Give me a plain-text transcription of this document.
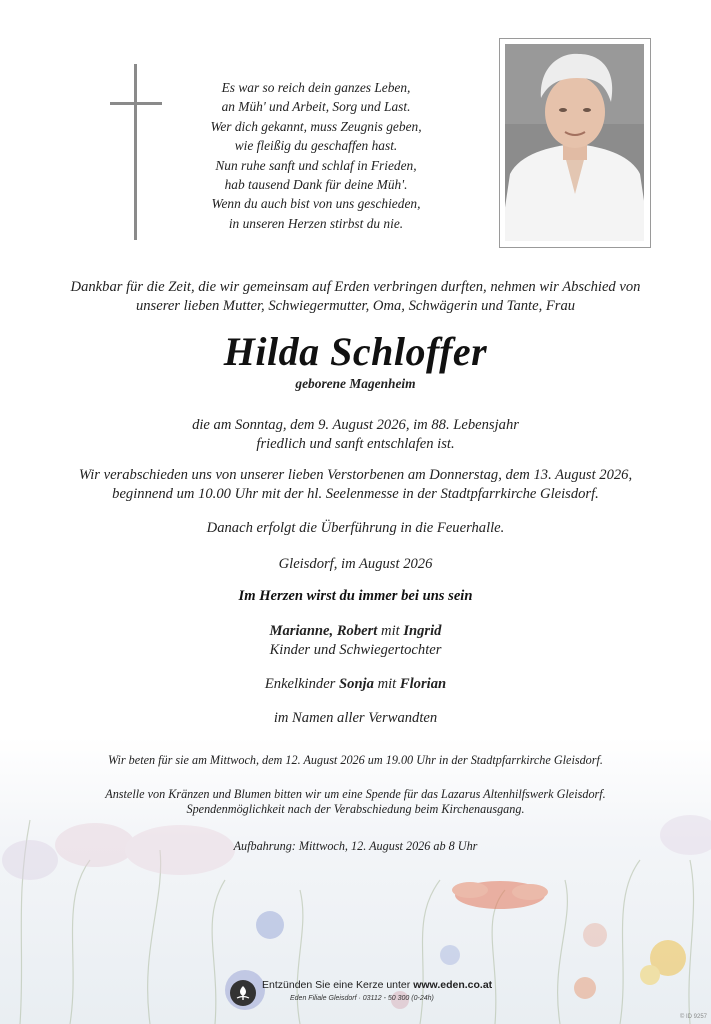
Es war so reich dein ganzes Leben,
an Müh' und Arbeit, Sorg und Last.
Wer dich gekannt, muss Zeugnis geben,
wie fleißig du geschaffen hast.
Nun ruhe sanft und schlaf in Frieden,
hab tausend Dank für deine Müh'.
Wenn du auch bist von uns geschieden,
in unseren Herzen stirbst du nie.
Dankbar für die Zeit, die wir gemeinsam auf Erden verbringen durften, nehmen wir Abschied von
unserer lieben Mutter, Schwiegermutter, Oma, Schwägerin und Tante, Frau
Hilda Schloffer
geborene Magenheim
die am Sonntag, dem 9. August 2026, im 88. Lebensjahr
friedlich und sanft entschlafen ist.
Wir verabschieden uns von unserer lieben Verstorbenen am Donnerstag, dem 13. August 2026,
beginnend um 10.00 Uhr mit der hl. Seelenmesse in der Stadtpfarrkirche Gleisdorf.
Danach erfolgt die Überführung in die Feuerhalle.
Gleisdorf, im August 2026
Im Herzen wirst du immer bei uns sein
Marianne, Robert mit Ingrid
Kinder und Schwiegertochter
Enkelkinder Sonja mit Florian
im Namen aller Verwandten
Wir beten für sie am Mittwoch, dem 12. August 2026 um 19.00 Uhr in der Stadtpfarrkirche Gleisdorf.
Anstelle von Kränzen und Blumen bitten wir um eine Spende für das Lazarus Altenhilfswerk Gleisdorf.
Spendenmöglichkeit nach der Verabschiedung beim Kirchenausgang.
Aufbahrung: Mittwoch, 12. August 2026 ab 8 Uhr
Entzünden Sie eine Kerze unter www.eden.co.at
Eden Filiale Gleisdorf · 03112 - 50 300 (0-24h)
© ID 9257
